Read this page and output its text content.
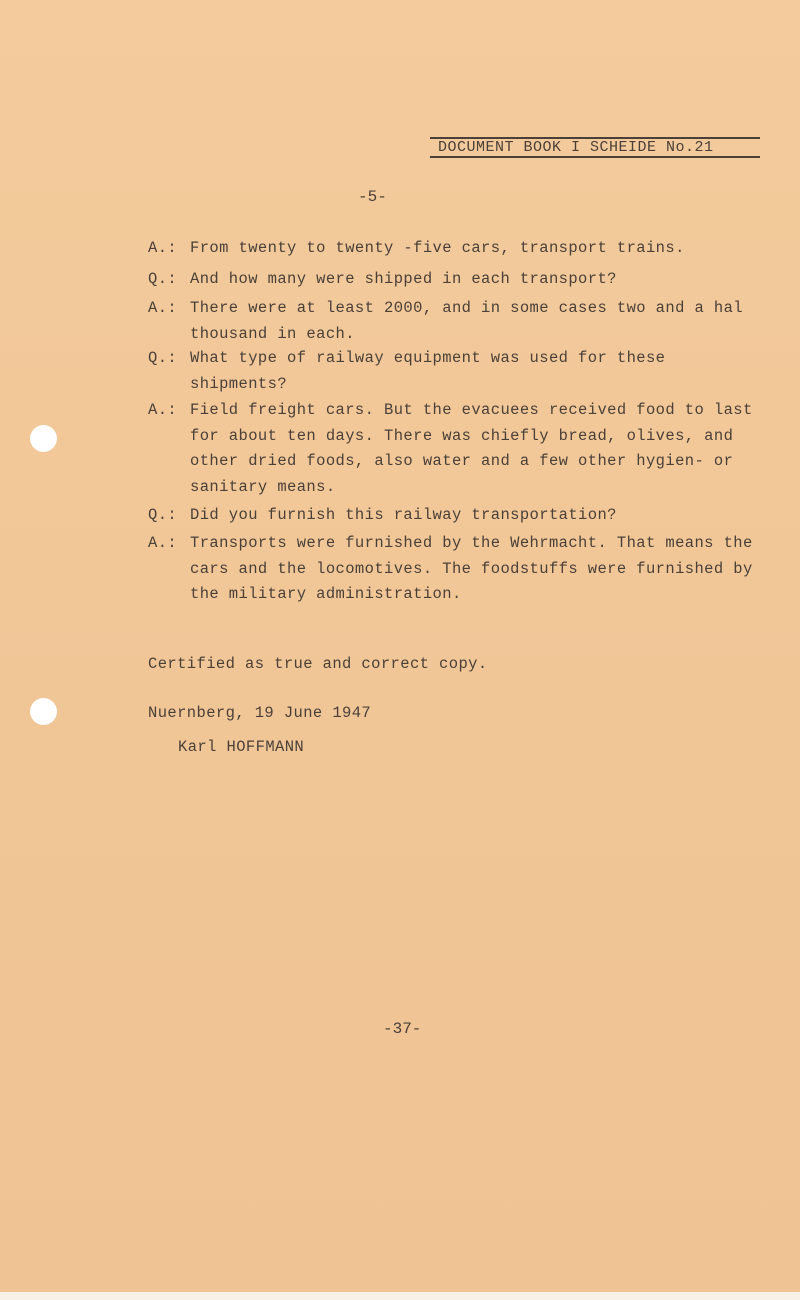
DOCUMENT BOOK I SCHEIDE No.21
-5-
A.: From twenty to twenty -five cars, transport trains.
Q.: And how many were shipped in each transport?
A.: There were at least 2000, and in some cases two and a hal thousand in each.
Q.: What type of railway equipment was used for these shipments?
A.: Field freight cars. But the evacuees received food to last for about ten days. There was chiefly bread, olives, and other dried foods, also water and a few other hygien- or sanitary means.
Q.: Did you furnish this railway transportation?
A.: Transports were furnished by the Wehrmacht. That means the cars and the locomotives. The foodstuffs were furnished by the military administration.
Certified as true and correct copy.
Nuernberg, 19 June 1947
Karl HOFFMANN
-37-
